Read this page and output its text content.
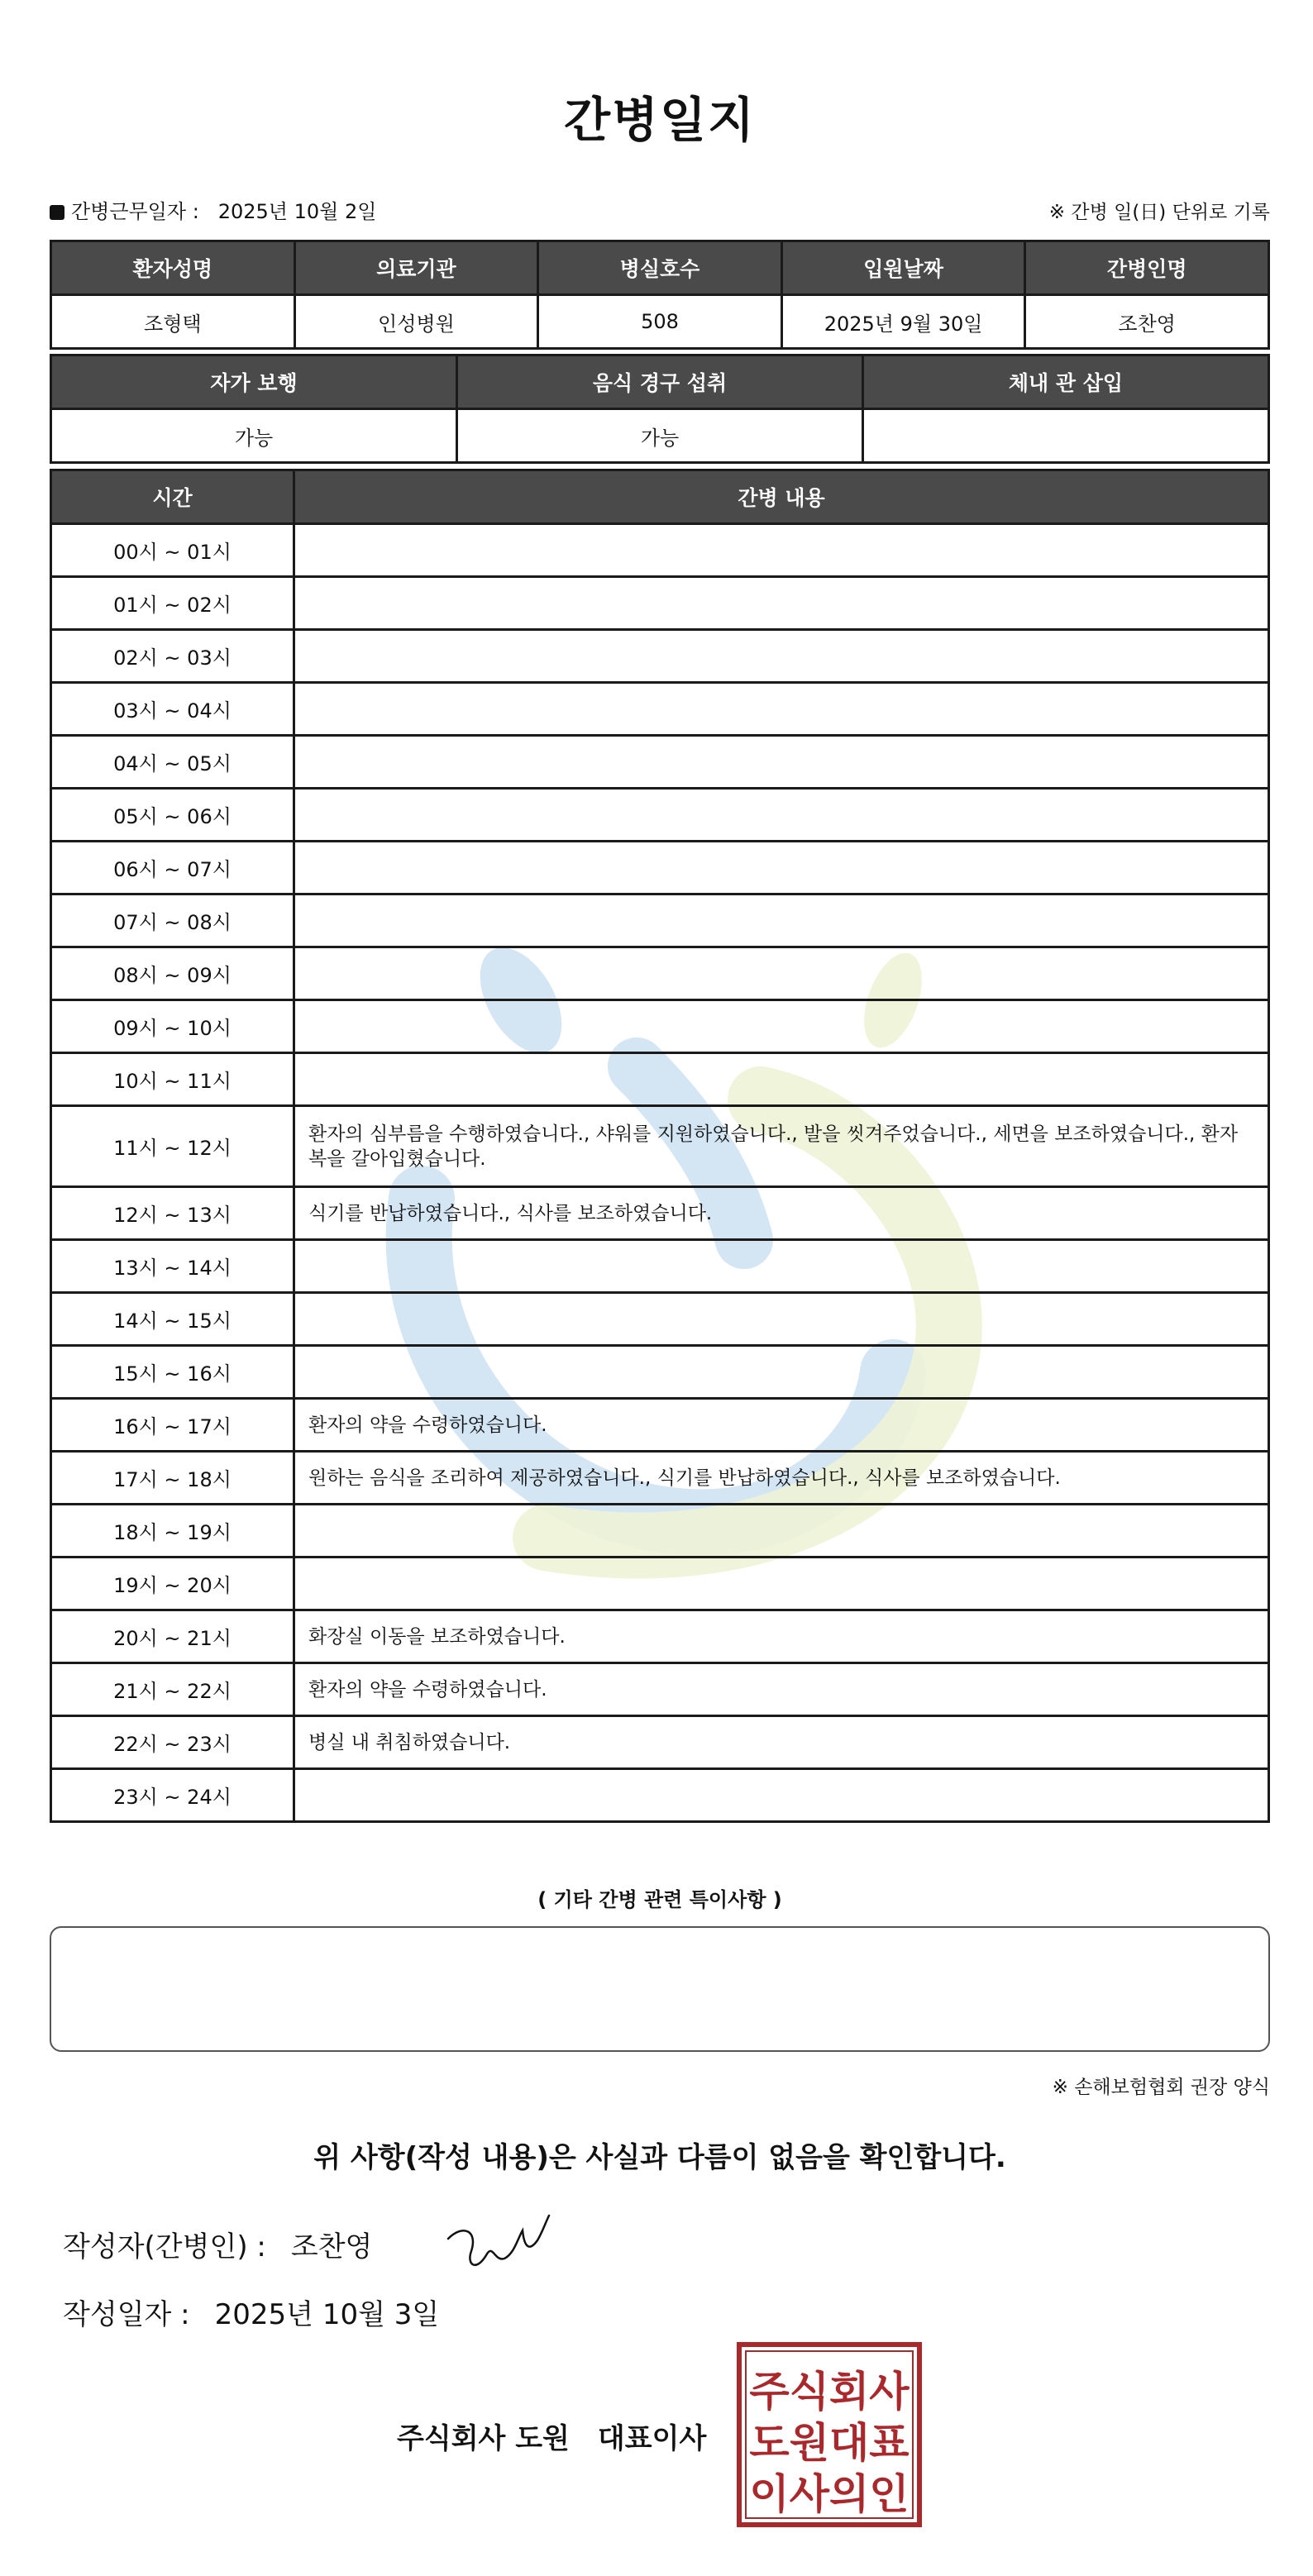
간병일지
간병근무일자 : 2025년 10월 2일	※ 간병 일(日) 단위로 기록
환자성명	의료기관	병실호수	입원날짜	간병인명
조형택	인성병원	508	2025년 9월 30일	조찬영
자가 보행	음식 경구 섭취	체내 관 삽입
가능	가능	
시간	간병 내용
00시 ~ 01시	
01시 ~ 02시	
02시 ~ 03시	
03시 ~ 04시	
04시 ~ 05시	
05시 ~ 06시	
06시 ~ 07시	
07시 ~ 08시	
08시 ~ 09시	
09시 ~ 10시	
10시 ~ 11시	
11시 ~ 12시	환자의 심부름을 수행하였습니다., 샤워를 지원하였습니다., 발을 씻겨주었습니다., 세면을 보조하였습니다., 환자복을 갈아입혔습니다.
12시 ~ 13시	식기를 반납하였습니다., 식사를 보조하였습니다.
13시 ~ 14시	
14시 ~ 15시	
15시 ~ 16시	
16시 ~ 17시	환자의 약을 수령하였습니다.
17시 ~ 18시	원하는 음식을 조리하여 제공하였습니다., 식기를 반납하였습니다., 식사를 보조하였습니다.
18시 ~ 19시	
19시 ~ 20시	
20시 ~ 21시	화장실 이동을 보조하였습니다.
21시 ~ 22시	환자의 약을 수령하였습니다.
22시 ~ 23시	병실 내 취침하였습니다.
23시 ~ 24시	
( 기타 간병 관련 특이사항 )
※ 손해보험협회 권장 양식
위 사항(작성 내용)은 사실과 다름이 없음을 확인합니다.
작성자(간병인) : 조찬영
작성일자 : 2025년 10월 3일
주식회사 도원 대표이사
주식회사
도원대표
이사의인
